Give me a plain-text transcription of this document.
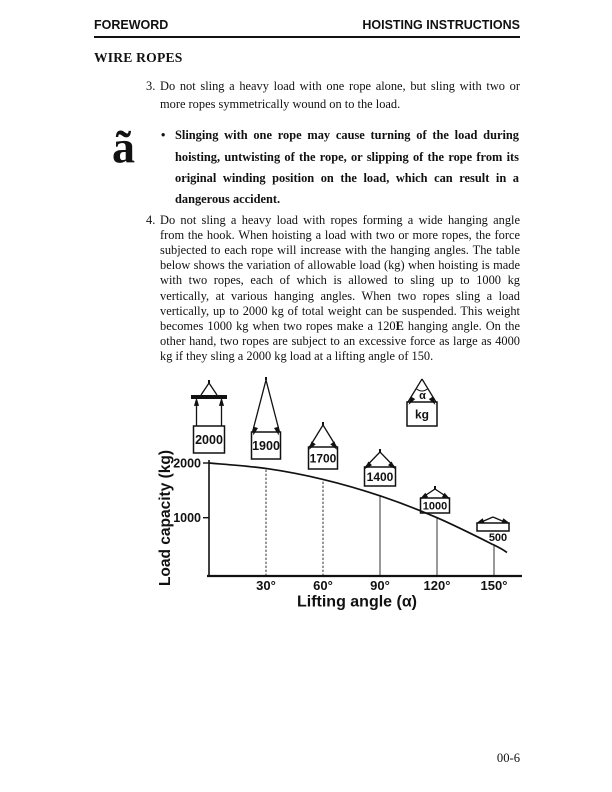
FOREWORD	HOISTING INSTRUCTIONS
WIRE ROPES
3. Do not sling a heavy load with one rope alone, but sling with two or more ropes symmetrically wound on to the load.
ã	• Slinging with one rope may cause turning of the load during hoisting, untwisting of the rope, or slipping of the rope from its original winding position on the load, which can result in a dangerous accident.
4. Do not sling a heavy load with ropes forming a wide hanging angle from the hook. When hoisting a load with two or more ropes, the force subjected to each rope will increase with the hanging angles. The table below shows the variation of allowable load (kg) when hoisting is made with two ropes, each of which is allowed to sling up to 1000 kg vertically, at various hanging angles. When two ropes sling a load vertically, up to 2000 kg of total weight can be suspended. This weight becomes 1000 kg when two ropes make a 120E hanging angle. On the other hand, two ropes are subject to an excessive force as large as 4000 kg if they sling a 2000 kg load at a lifting angle of 150.
2000
1000
30°	60°	90°	120° 150°
Lifting angle (α)
Load capacity (kg)
2000 1900
1700
1400
1000
500
α
kg
00-6
